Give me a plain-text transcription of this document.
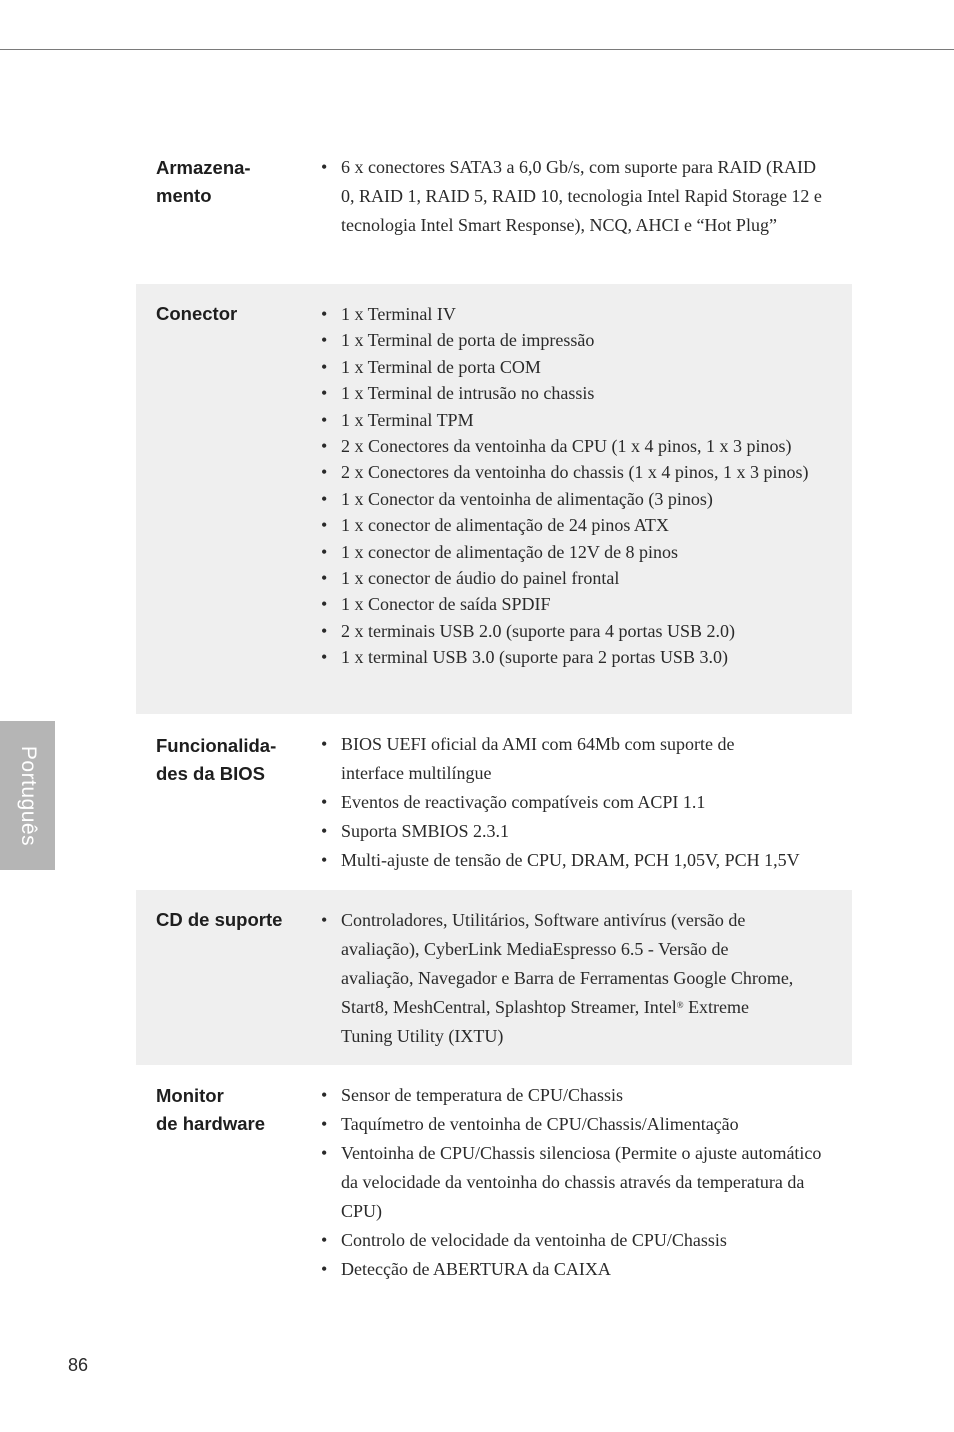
Português
Armazena-
mento
• 6 x conectores SATA3 a 6,0 Gb/s, com suporte para RAID (RAID 0, RAID 1, RAID 5, RAID 10, tecnologia Intel Rapid Storage 12 e tecnologia Intel Smart Response), NCQ, AHCI e “Hot Plug”
Conector	• 1 x Terminal IV
• 1 x Terminal de porta de impressão
• 1 x Terminal de porta COM
• 1 x Terminal de intrusão no chassis
• 1 x Terminal TPM
• 2 x Conectores da ventoinha da CPU (1 x 4 pinos, 1 x 3 pinos)
• 2 x Conectores da ventoinha do chassis (1 x 4 pinos, 1 x 3 pinos)
• 1 x Conector da ventoinha de alimentação (3 pinos)
• 1 x conector de alimentação de 24 pinos ATX
• 1 x conector de alimentação de 12V de 8 pinos
• 1 x conector de áudio do painel frontal
• 1 x Conector de saída SPDIF
• 2 x terminais USB 2.0 (suporte para 4 portas USB 2.0)
• 1 x terminal USB 3.0 (suporte para 2 portas USB 3.0)
Funcionalida-
des da BIOS
• BIOS UEFI oficial da AMI com 64Mb com suporte de interface multilíngue
• Eventos de reactivação compatíveis com ACPI 1.1
• Suporta SMBIOS 2.3.1
• Multi-ajuste de tensão de CPU, DRAM, PCH 1,05V, PCH 1,5V
CD de suporte	• Controladores, Utilitários, Software antivírus (versão de avaliação), CyberLink MediaEspresso 6.5 - Versão de avaliação, Navegador e Barra de Ferramentas Google Chrome, Start8, MeshCentral, Splashtop Streamer, Intel® Extreme Tuning Utility (IXTU)
Monitor
de hardware
• Sensor de temperatura de CPU/Chassis
• Taquímetro de ventoinha de CPU/Chassis/Alimentação
• Ventoinha de CPU/Chassis silenciosa (Permite o ajuste automático da velocidade da ventoinha do chassis através da temperatura da CPU)
• Controlo de velocidade da ventoinha de CPU/Chassis
• Detecção de ABERTURA da CAIXA
86
